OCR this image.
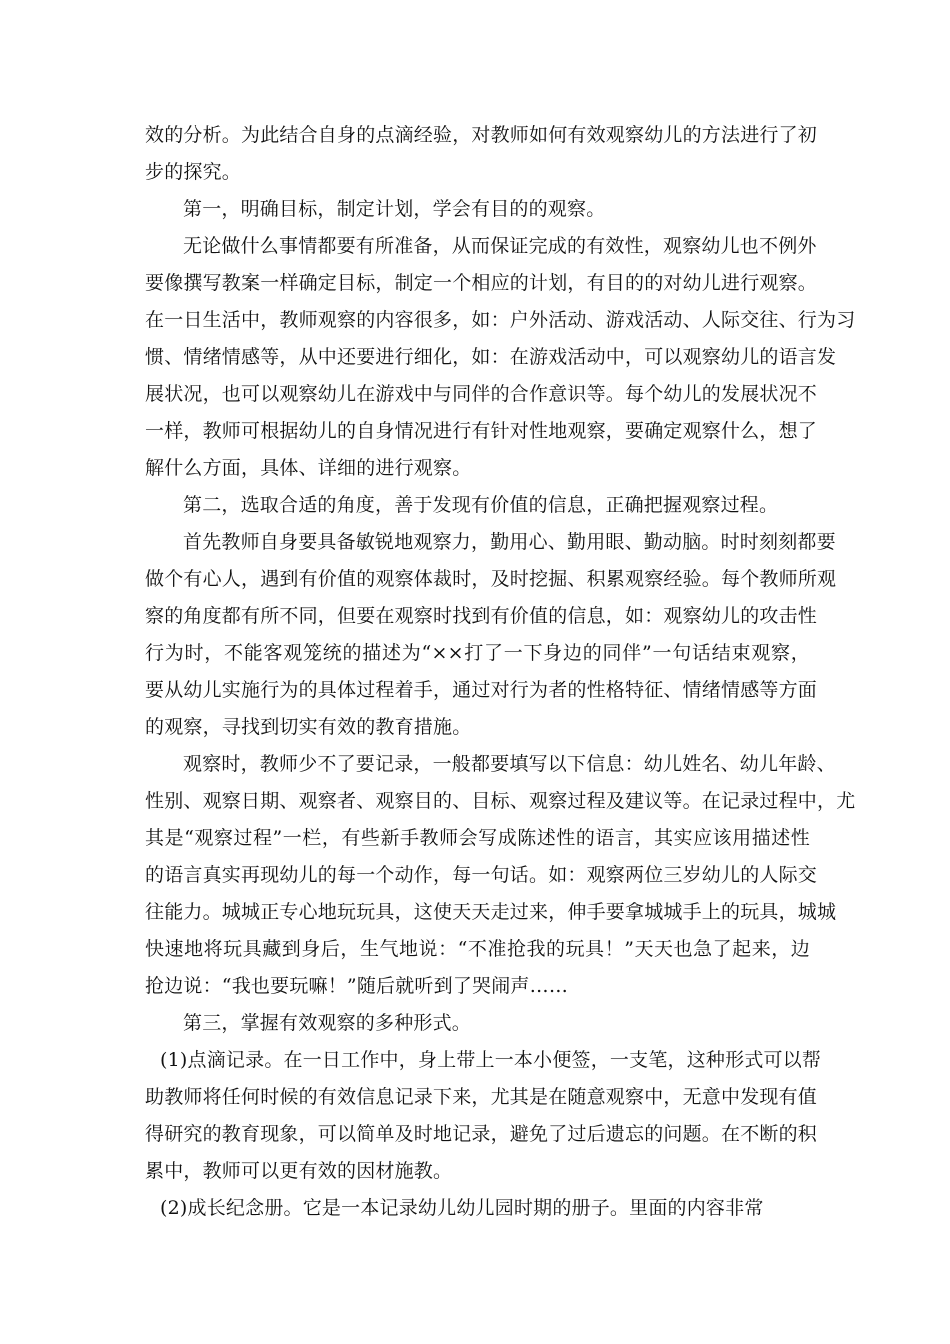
效的分析。为此结合自身的点滴经验，对教师如何有效观察幼儿的方法进行了初
步的探究。
第一，明确目标，制定计划，学会有目的的观察。
无论做什么事情都要有所准备，从而保证完成的有效性，观察幼儿也不例外
要像撰写教案一样确定目标，制定一个相应的计划，有目的的对幼儿进行观察。
在一日生活中，教师观察的内容很多，如：户外活动、游戏活动、人际交往、行为习
惯、情绪情感等，从中还要进行细化，如：在游戏活动中，可以观察幼儿的语言发
展状况，也可以观察幼儿在游戏中与同伴的合作意识等。每个幼儿的发展状况不
一样，教师可根据幼儿的自身情况进行有针对性地观察，要确定观察什么，想了
解什么方面，具体、详细的进行观察。
第二，选取合适的角度，善于发现有价值的信息，正确把握观察过程。
首先教师自身要具备敏锐地观察力，勤用心、勤用眼、勤动脑。时时刻刻都要
做个有心人，遇到有价值的观察体裁时，及时挖掘、积累观察经验。每个教师所观
察的角度都有所不同，但要在观察时找到有价值的信息，如：观察幼儿的攻击性
行为时，不能客观笼统的描述为“××打了一下身边的同伴”一句话结束观察，
要从幼儿实施行为的具体过程着手，通过对行为者的性格特征、情绪情感等方面
的观察，寻找到切实有效的教育措施。
观察时，教师少不了要记录，一般都要填写以下信息：幼儿姓名、幼儿年龄、
性别、观察日期、观察者、观察目的、目标、观察过程及建议等。在记录过程中，尤
其是“观察过程”一栏，有些新手教师会写成陈述性的语言，其实应该用描述性
的语言真实再现幼儿的每一个动作，每一句话。如：观察两位三岁幼儿的人际交
往能力。城城正专心地玩玩具，这使天天走过来，伸手要拿城城手上的玩具，城城
快速地将玩具藏到身后，生气地说：“不准抢我的玩具！”天天也急了起来，边
抢边说：“我也要玩嘛！”随后就听到了哭闹声……
第三，掌握有效观察的多种形式。
(1)点滴记录。在一日工作中，身上带上一本小便签，一支笔，这种形式可以帮
助教师将任何时候的有效信息记录下来，尤其是在随意观察中，无意中发现有值
得研究的教育现象，可以简单及时地记录，避免了过后遗忘的问题。在不断的积
累中，教师可以更有效的因材施教。
(2)成长纪念册。它是一本记录幼儿幼儿园时期的册子。里面的内容非常
